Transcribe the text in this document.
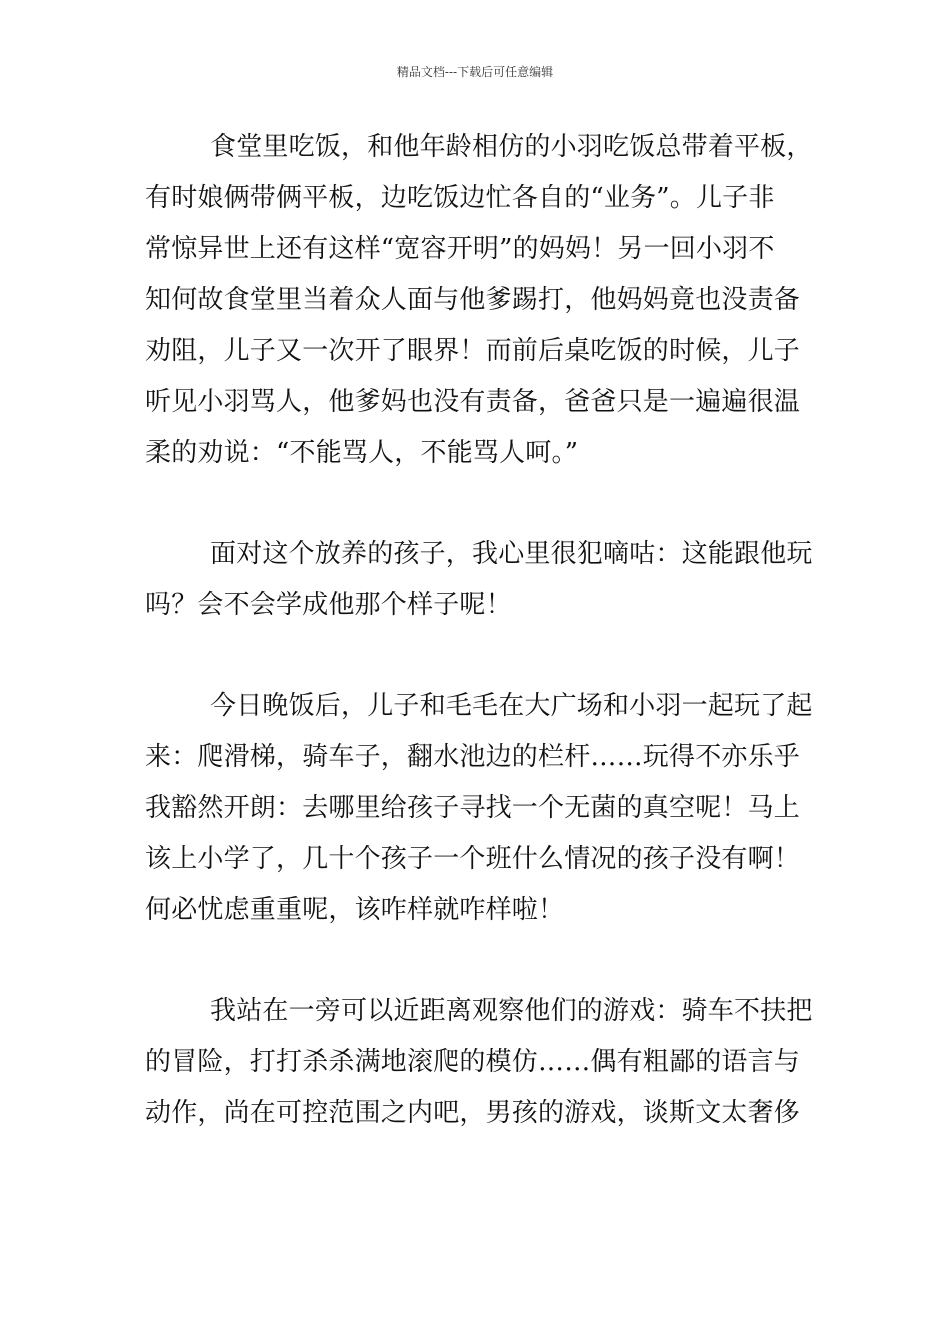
精品文档---下载后可任意编辑
食堂里吃饭，和他年龄相仿的小羽吃饭总带着平板，
有时娘俩带俩平板，边吃饭边忙各自的“业务”。儿子非
常惊异世上还有这样“宽容开明”的妈妈！另一回小羽不
知何故食堂里当着众人面与他爹踢打，他妈妈竟也没责备
劝阻，儿子又一次开了眼界！而前后桌吃饭的时候，儿子
听见小羽骂人，他爹妈也没有责备，爸爸只是一遍遍很温
柔的劝说：“不能骂人，不能骂人呵。”
面对这个放养的孩子，我心里很犯嘀咕：这能跟他玩
吗？会不会学成他那个样子呢！
今日晚饭后，儿子和毛毛在大广场和小羽一起玩了起
来：爬滑梯，骑车子，翻水池边的栏杆……玩得不亦乐乎
我豁然开朗：去哪里给孩子寻找一个无菌的真空呢！马上
该上小学了，几十个孩子一个班什么情况的孩子没有啊！
何必忧虑重重呢，该咋样就咋样啦！
我站在一旁可以近距离观察他们的游戏：骑车不扶把
的冒险，打打杀杀满地滚爬的模仿……偶有粗鄙的语言与
动作，尚在可控范围之内吧，男孩的游戏，谈斯文太奢侈
